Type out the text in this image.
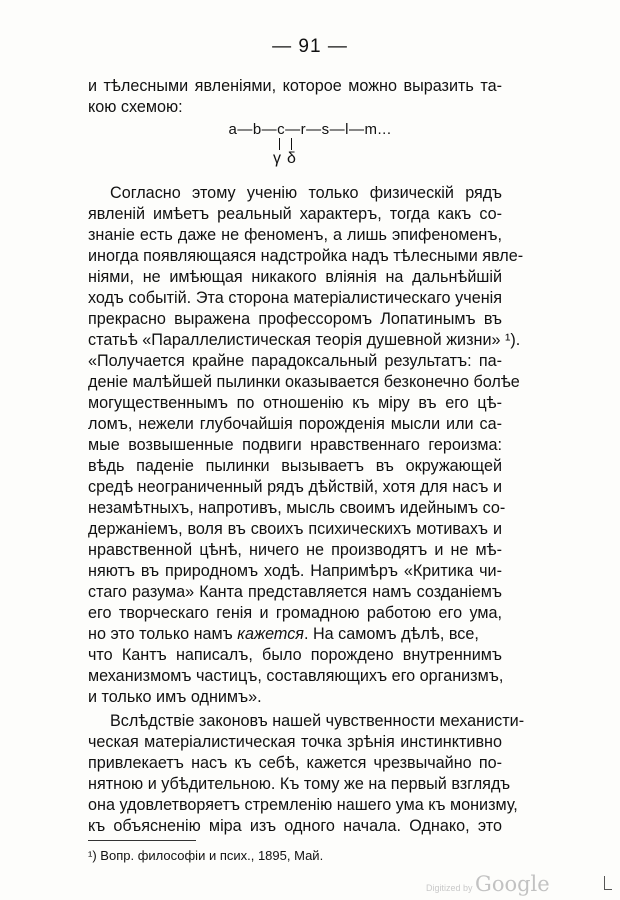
— 91 —
и тѣлесными явленіями, которое можно выразить та-
кою схемою:
a—b—c—r—s—l—m...
γ δ
Согласно этому ученію только физическій рядъ
явленій имѣетъ реальный характеръ, тогда какъ со-
знаніе есть даже не феноменъ, а лишь эпифеноменъ,
иногда появляющаяся надстройка надъ тѣлесными явле-
ніями, не имѣющая никакого вліянія на дальнѣйшій
ходъ событій. Эта сторона матеріалистическаго ученія
прекрасно выражена профессоромъ Лопатинымъ въ
статьѣ «Параллелистическая теорія душевной жизни» ¹).
«Получается крайне парадоксальный результатъ: па-
деніе малѣйшей пылинки оказывается безконечно болѣе
могущественнымъ по отношенію къ міру въ его цѣ-
ломъ, нежели глубочайшія порожденія мысли или са-
мые возвышенные подвиги нравственнаго героизма:
вѣдь паденіе пылинки вызываетъ въ окружающей
средѣ неограниченный рядъ дѣйствій, хотя для насъ и
незамѣтныхъ, напротивъ, мысль своимъ идейнымъ со-
держаніемъ, воля въ своихъ психическихъ мотивахъ и
нравственной цѣнѣ, ничего не производятъ и не мѣ-
няютъ въ природномъ ходѣ. Напримѣръ «Критика чи-
стаго разума» Канта представляется намъ созданіемъ
его творческаго генія и громадною работою его ума,
но это только намъ кажется. На самомъ дѣлѣ, все,
что Кантъ написалъ, было порождено внутреннимъ
механизмомъ частицъ, составляющихъ его организмъ,
и только имъ однимъ».
Вслѣдствіе законовъ нашей чувственности механисти-
ческая матеріалистическая точка зрѣнія инстинктивно
привлекаетъ насъ къ себѣ, кажется чрезвычайно по-
нятною и убѣдительною. Къ тому же на первый взглядъ
она удовлетворяетъ стремленію нашего ума къ монизму,
къ объясненію міра изъ одного начала. Однако, это
¹) Вопр. философіи и псих., 1895, Май.
Digitized by Google
